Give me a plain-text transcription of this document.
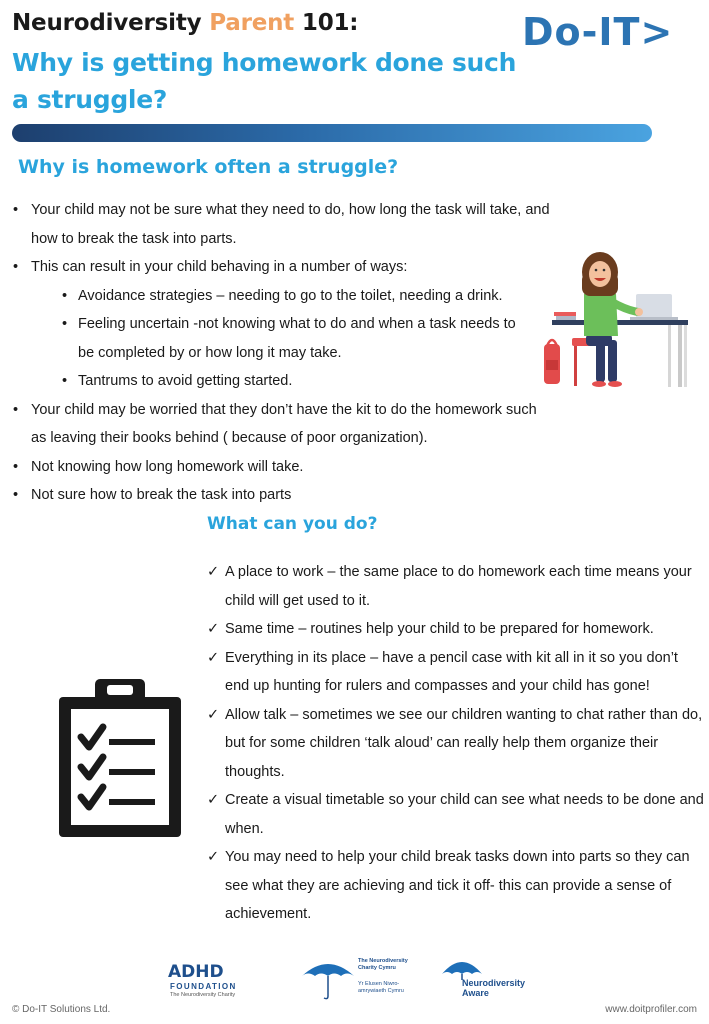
Neurodiversity Parent 101:
Why is getting homework done such a struggle?
Do-IT>
Why is homework often a struggle?
• Your child may not be sure what they need to do, how long the task will take, and how to break the task into parts.
• This can result in your child behaving in a number of ways:
• Avoidance strategies – needing to go to the toilet, needing a drink.
• Feeling uncertain -not knowing what to do and when a task needs to be completed by or how long it may take.
• Tantrums to avoid getting started.
• Your child may be worried that they don’t have the kit to do the homework such as leaving their books behind ( because of poor organization).
• Not knowing how long homework will take.
• Not sure how to break the task into parts
What can you do?
✓ A place to work – the same place to do homework each time means your child will get used to it.
✓ Same time – routines help your child to be prepared for homework.
✓ Everything in its place – have a pencil case with kit all in it so you don’t end up hunting for rulers and compasses and your child has gone!
✓ Allow talk – sometimes we see our children wanting to chat rather than do, but for some children ‘talk aloud’ can really help them organize their thoughts.
✓ Create a visual timetable so your child can see what needs to be done and when.
✓ You may need to help your child break tasks down into parts so they can see what they are achieving and tick it off- this can provide a sense of achievement.
ADHD
FOUNDATION
The Neurodiversity Charity
The Neurodiversity Charity Cymru
Yr Elusen Niwro-amrywiaeth Cymru
Neurodiversity
Aware
© Do-IT Solutions Ltd.	www.doitprofiler.com
